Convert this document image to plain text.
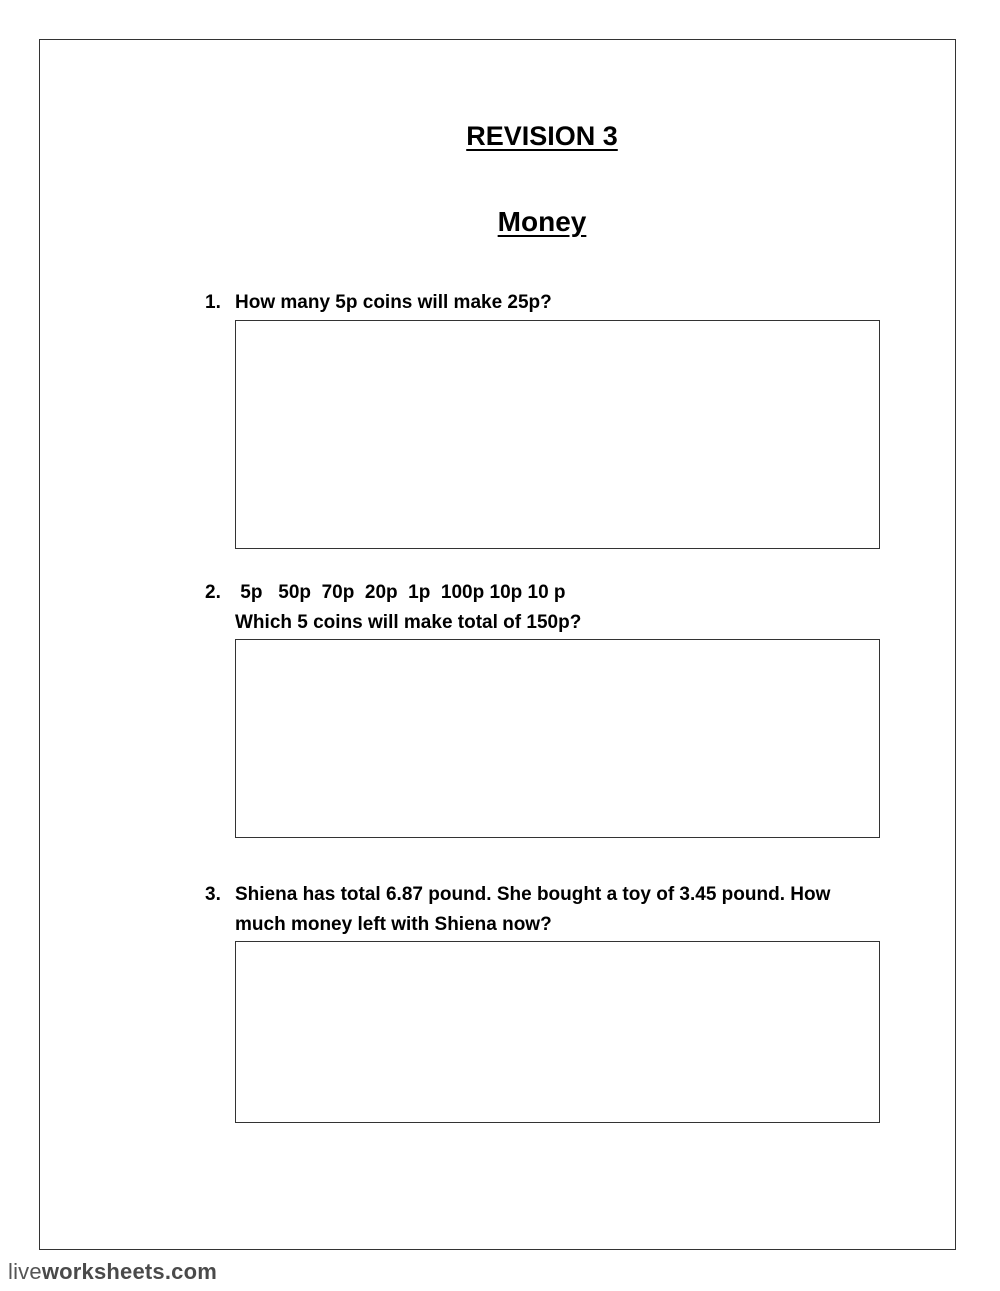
REVISION 3
Money
1. How many 5p coins will make 25p?
2. 5p   50p  70p  20p  1p  100p 10p 10 p
Which 5 coins will make total of 150p?
3. Shiena has total 6.87 pound. She bought a toy of 3.45 pound. How much money left with Shiena now?
liveworksheets.com
